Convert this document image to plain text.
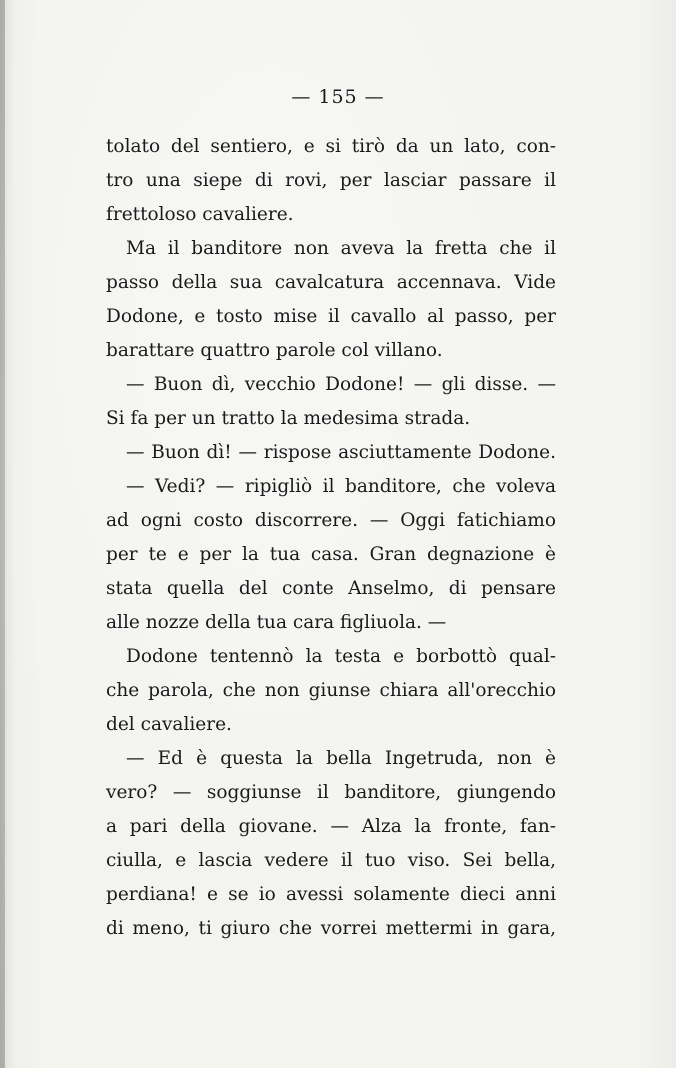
— 155 —
tolato del sentiero, e si tirò da un lato, con-
tro una siepe di rovi, per lasciar passare il
frettoloso cavaliere.
Ma il banditore non aveva la fretta che il
passo della sua cavalcatura accennava. Vide
Dodone, e tosto mise il cavallo al passo, per
barattare quattro parole col villano.
— Buon dì, vecchio Dodone! — gli disse. —
Si fa per un tratto la medesima strada.
— Buon dì! — rispose asciuttamente Dodone.
— Vedi? — ripigliò il banditore, che voleva
ad ogni costo discorrere. — Oggi fatichiamo
per te e per la tua casa. Gran degnazione è
stata quella del conte Anselmo, di pensare
alle nozze della tua cara figliuola. —
Dodone tentennò la testa e borbottò qual-
che parola, che non giunse chiara all'orecchio
del cavaliere.
— Ed è questa la bella Ingetruda, non è
vero? — soggiunse il banditore, giungendo
a pari della giovane. — Alza la fronte, fan-
ciulla, e lascia vedere il tuo viso. Sei bella,
perdiana! e se io avessi solamente dieci anni
di meno, ti giuro che vorrei mettermi in gara,
